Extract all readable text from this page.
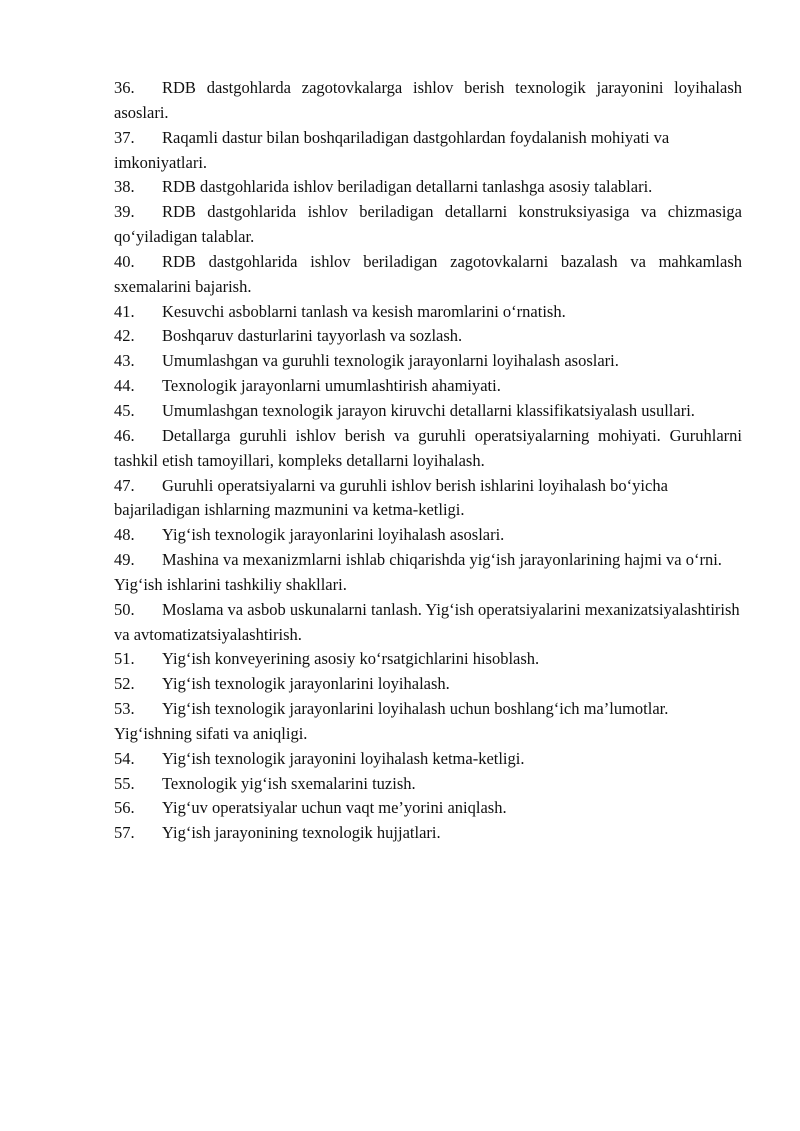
36. RDB dastgohlarda zagotovkalarga ishlov berish texnologik jarayonini loyihalash asoslari.

37. Raqamli dastur bilan boshqariladigan dastgohlardan foydalanish mohiyati va imkoniyatlari.

38. RDB dastgohlarida ishlov beriladigan detallarni tanlashga asosiy talablari.

39. RDB dastgohlarida ishlov beriladigan detallarni konstruksiyasiga va chizmasiga qo‘yiladigan talablar.

40. RDB dastgohlarida ishlov beriladigan zagotovkalarni bazalash va mahkamlash sxemalarini bajarish.

41. Kesuvchi asboblarni tanlash va kesish maromlarini o‘rnatish.

42. Boshqaruv dasturlarini tayyorlash va sozlash.

43. Umumlashgan va guruhli texnologik jarayonlarni loyihalash asoslari.

44. Texnologik jarayonlarni umumlashtirish ahamiyati.

45. Umumlashgan texnologik jarayon kiruvchi detallarni klassifikatsiyalash usullari.

46. Detallarga guruhli ishlov berish va guruhli operatsiyalarning mohiyati. Guruhlarni tashkil etish tamoyillari, kompleks detallarni loyihalash.

47. Guruhli operatsiyalarni va guruhli ishlov berish ishlarini loyihalash bo‘yicha bajariladigan ishlarning mazmunini va ketma-ketligi.

48. Yig‘ish texnologik jarayonlarini loyihalash asoslari.

49. Mashina va mexanizmlarni ishlab chiqarishda yig‘ish jarayonlarining hajmi va o‘rni. Yig‘ish ishlarini tashkiliy shakllari.

50. Moslama va asbob uskunalarni tanlash. Yig‘ish operatsiyalarini mexanizatsiyalashtirish va avtomatizatsiyalashtirish.

51. Yig‘ish konveyerining asosiy ko‘rsatgichlarini hisoblash.

52. Yig‘ish texnologik jarayonlarini loyihalash.

53. Yig‘ish texnologik jarayonlarini loyihalash uchun boshlang‘ich ma’lumotlar. Yig‘ishning sifati va aniqligi.

54. Yig‘ish texnologik jarayonini loyihalash ketma-ketligi.

55. Texnologik yig‘ish sxemalarini tuzish.

56. Yig‘uv operatsiyalar uchun vaqt me’yorini aniqlash.

57. Yig‘ish jarayonining texnologik hujjatlari.
